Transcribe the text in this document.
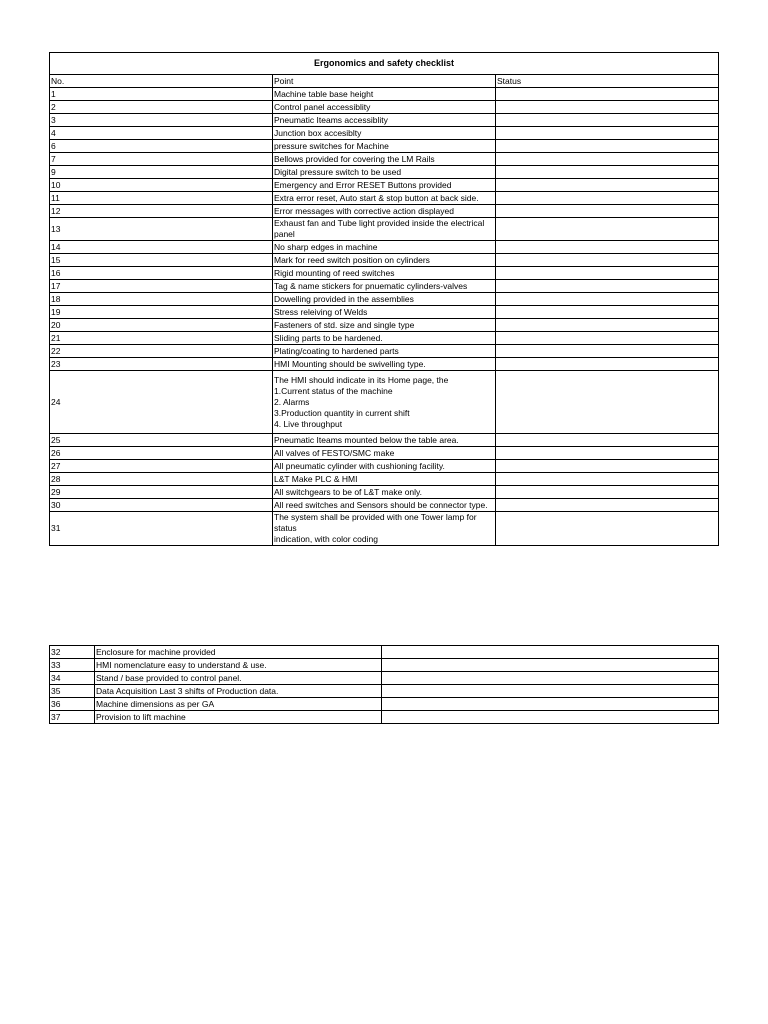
Ergonomics and safety checklist		
No.	Point	Status
1	Machine table base height	
2	Control panel accessiblity	
3	Pneumatic Iteams accessiblity	
4	Junction box accesiblty	
6	pressure switches for Machine	
7	Bellows provided for covering the LM Rails	
9	Digital pressure switch to be used	
10	Emergency and Error RESET Buttons provided	
11	Extra error reset, Auto start & stop button at back side.	
12	Error messages with corrective action displayed	
13	Exhaust fan and Tube light provided inside the electrical panel	
14	No sharp edges in machine	
15	Mark for reed switch position on cylinders	
16	Rigid mounting of reed switches	
17	Tag & name stickers for pnuematic cylinders-valves	
18	Dowelling provided in the assemblies	
19	Stress releiving of Welds	
20	Fasteners of std. size and single type	
21	Sliding parts to be hardened.	
22	Plating/coating to hardened parts	
23	HMI Mounting should be swivelling type.	
24	The HMI should indicate in its Home page, the
1.Current status of the machine
2. Alarms
3.Production quantity in current shift
4. Live throughput	
25	Pneumatic Iteams mounted below the table area.	
26	All valves of FESTO/SMC make	
27	All pneumatic cylinder with cushioning facility.	
28	L&T Make PLC & HMI	
29	All switchgears to be of L&T make only.	
30	All reed switches and Sensors should be connector type.	
31	The system shall be provided with one Tower lamp for status
indication, with color coding	
32	Enclosure for machine provided	
33	HMI nomenclature easy to understand & use.	
34	Stand / base provided to control panel.	
35	Data Acquisition Last 3 shifts of Production data.	
36	Machine dimensions as per GA	
37	Provision to lift machine	
